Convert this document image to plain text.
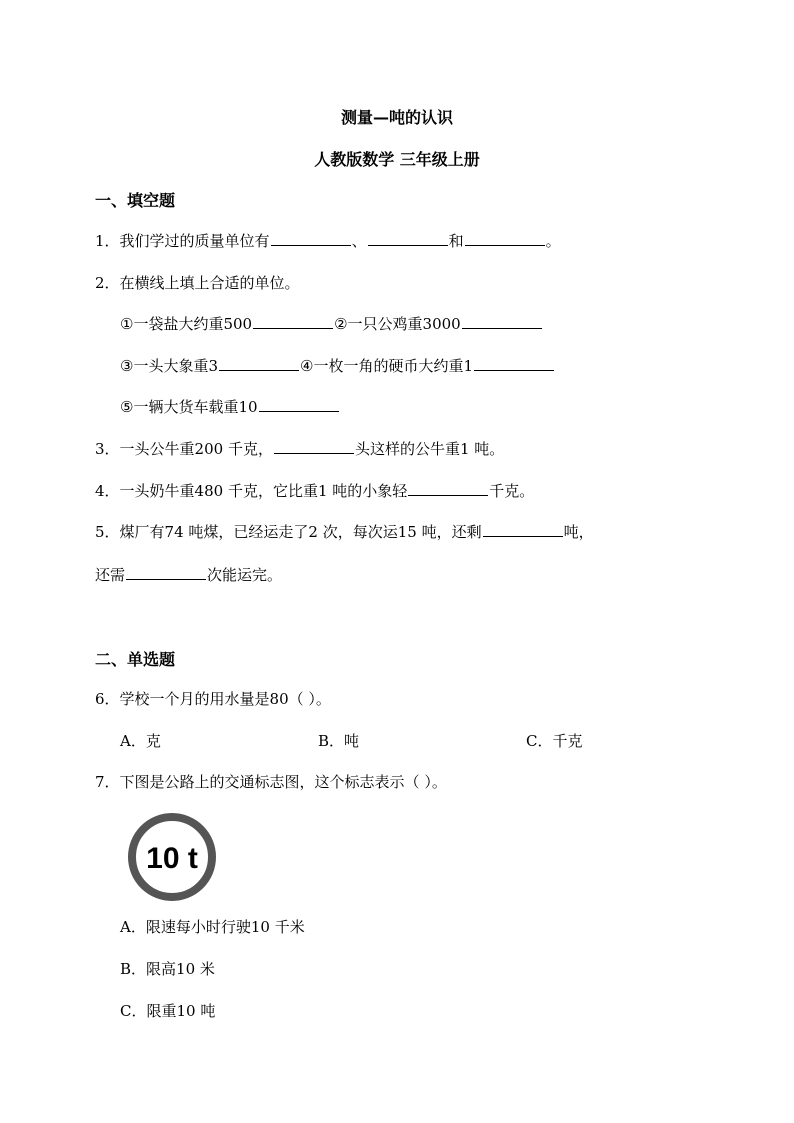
测量—吨的认识
人教版数学 三年级上册
一、填空题
1．我们学过的质量单位有	、	和	。
2．在横线上填上合适的单位。
①一袋盐大约重500	②一只公鸡重3000
③一头大象重3	④一枚一角的硬币大约重1
⑤一辆大货车载重10
3．一头公牛重200 千克，	头这样的公牛重1 吨。
4．一头奶牛重480 千克，它比重1 吨的小象轻	千克。
5．煤厂有74 吨煤，已经运走了2 次，每次运15 吨，还剩	吨，
还需	次能运完。
二、单选题
6．学校一个月的用水量是80（ ）。
A．克	B．吨	C．千克
7．下图是公路上的交通标志图，这个标志表示（ ）。
10 t
A．限速每小时行驶10 千米
B．限高10 米
C．限重10 吨
